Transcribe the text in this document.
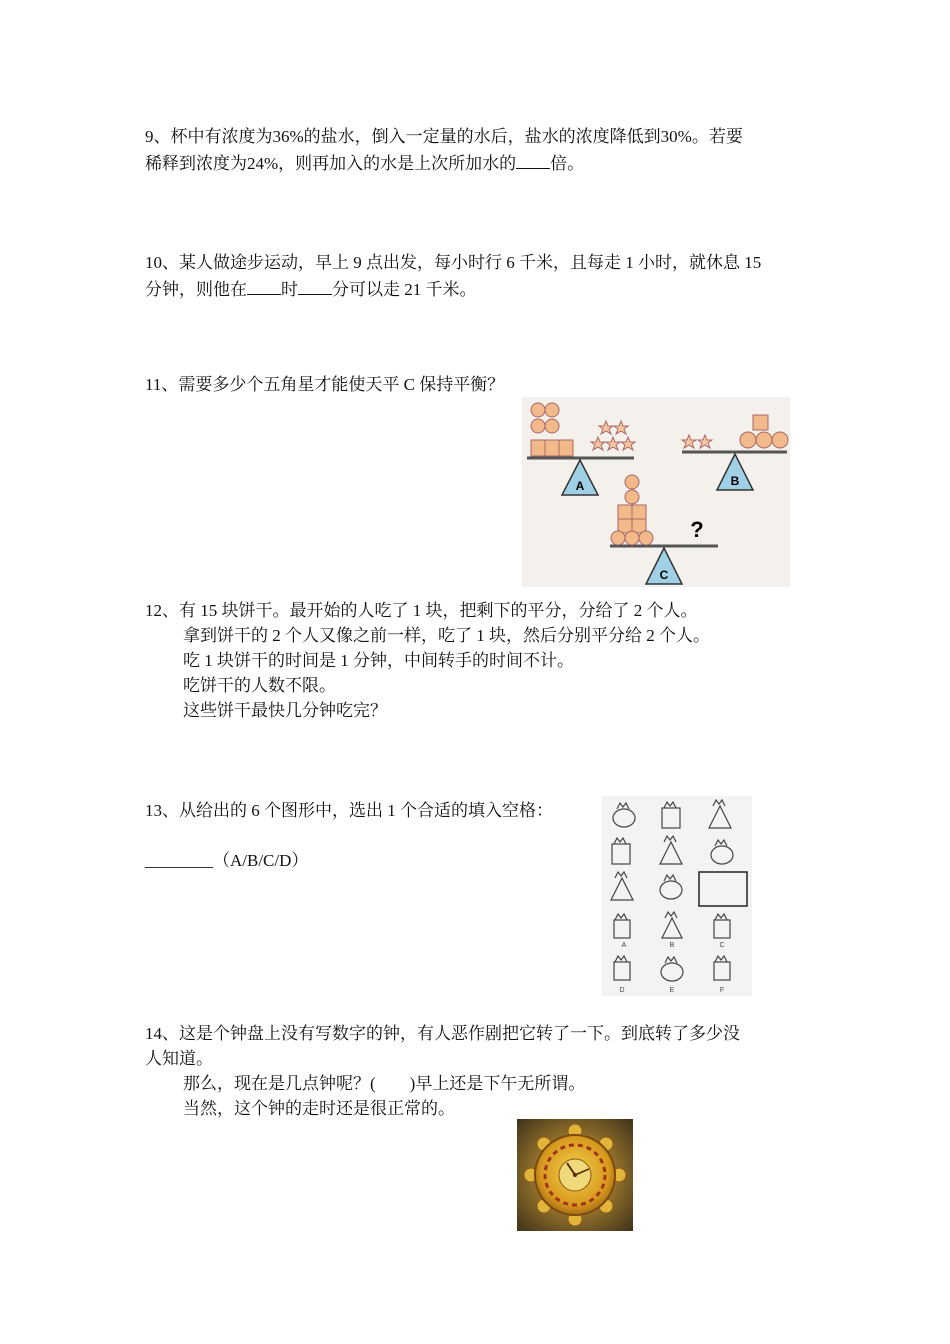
9、杯中有浓度为36%的盐水，倒入一定量的水后，盐水的浓度降低到30%。若要
稀释到浓度为24%，则再加入的水是上次所加水的 倍。
10、某人做途步运动，早上 9 点出发，每小时行 6 千米，且每走 1 小时，就休息 15
分钟，则他在 时 分可以走 21 千米。
11、需要多少个五角星才能使天平 C 保持平衡？
A	B
C
?
12、有 15 块饼干。最开始的人吃了 1 块，把剩下的平分，分给了 2 个人。
拿到饼干的 2 个人又像之前一样，吃了 1 块，然后分别平分给 2 个人。
吃 1 块饼干的时间是 1 分钟，中间转手的时间不计。
吃饼干的人数不限。
这些饼干最快几分钟吃完？
13、从给出的 6 个图形中，选出 1 个合适的填入空格：
________（A/B/C/D）
A	B	C
D	E	F
14、这是个钟盘上没有写数字的钟，有人恶作剧把它转了一下。到底转了多少没
人知道。
那么，现在是几点钟呢？(　　)早上还是下午无所谓。
当然，这个钟的走时还是很正常的。
